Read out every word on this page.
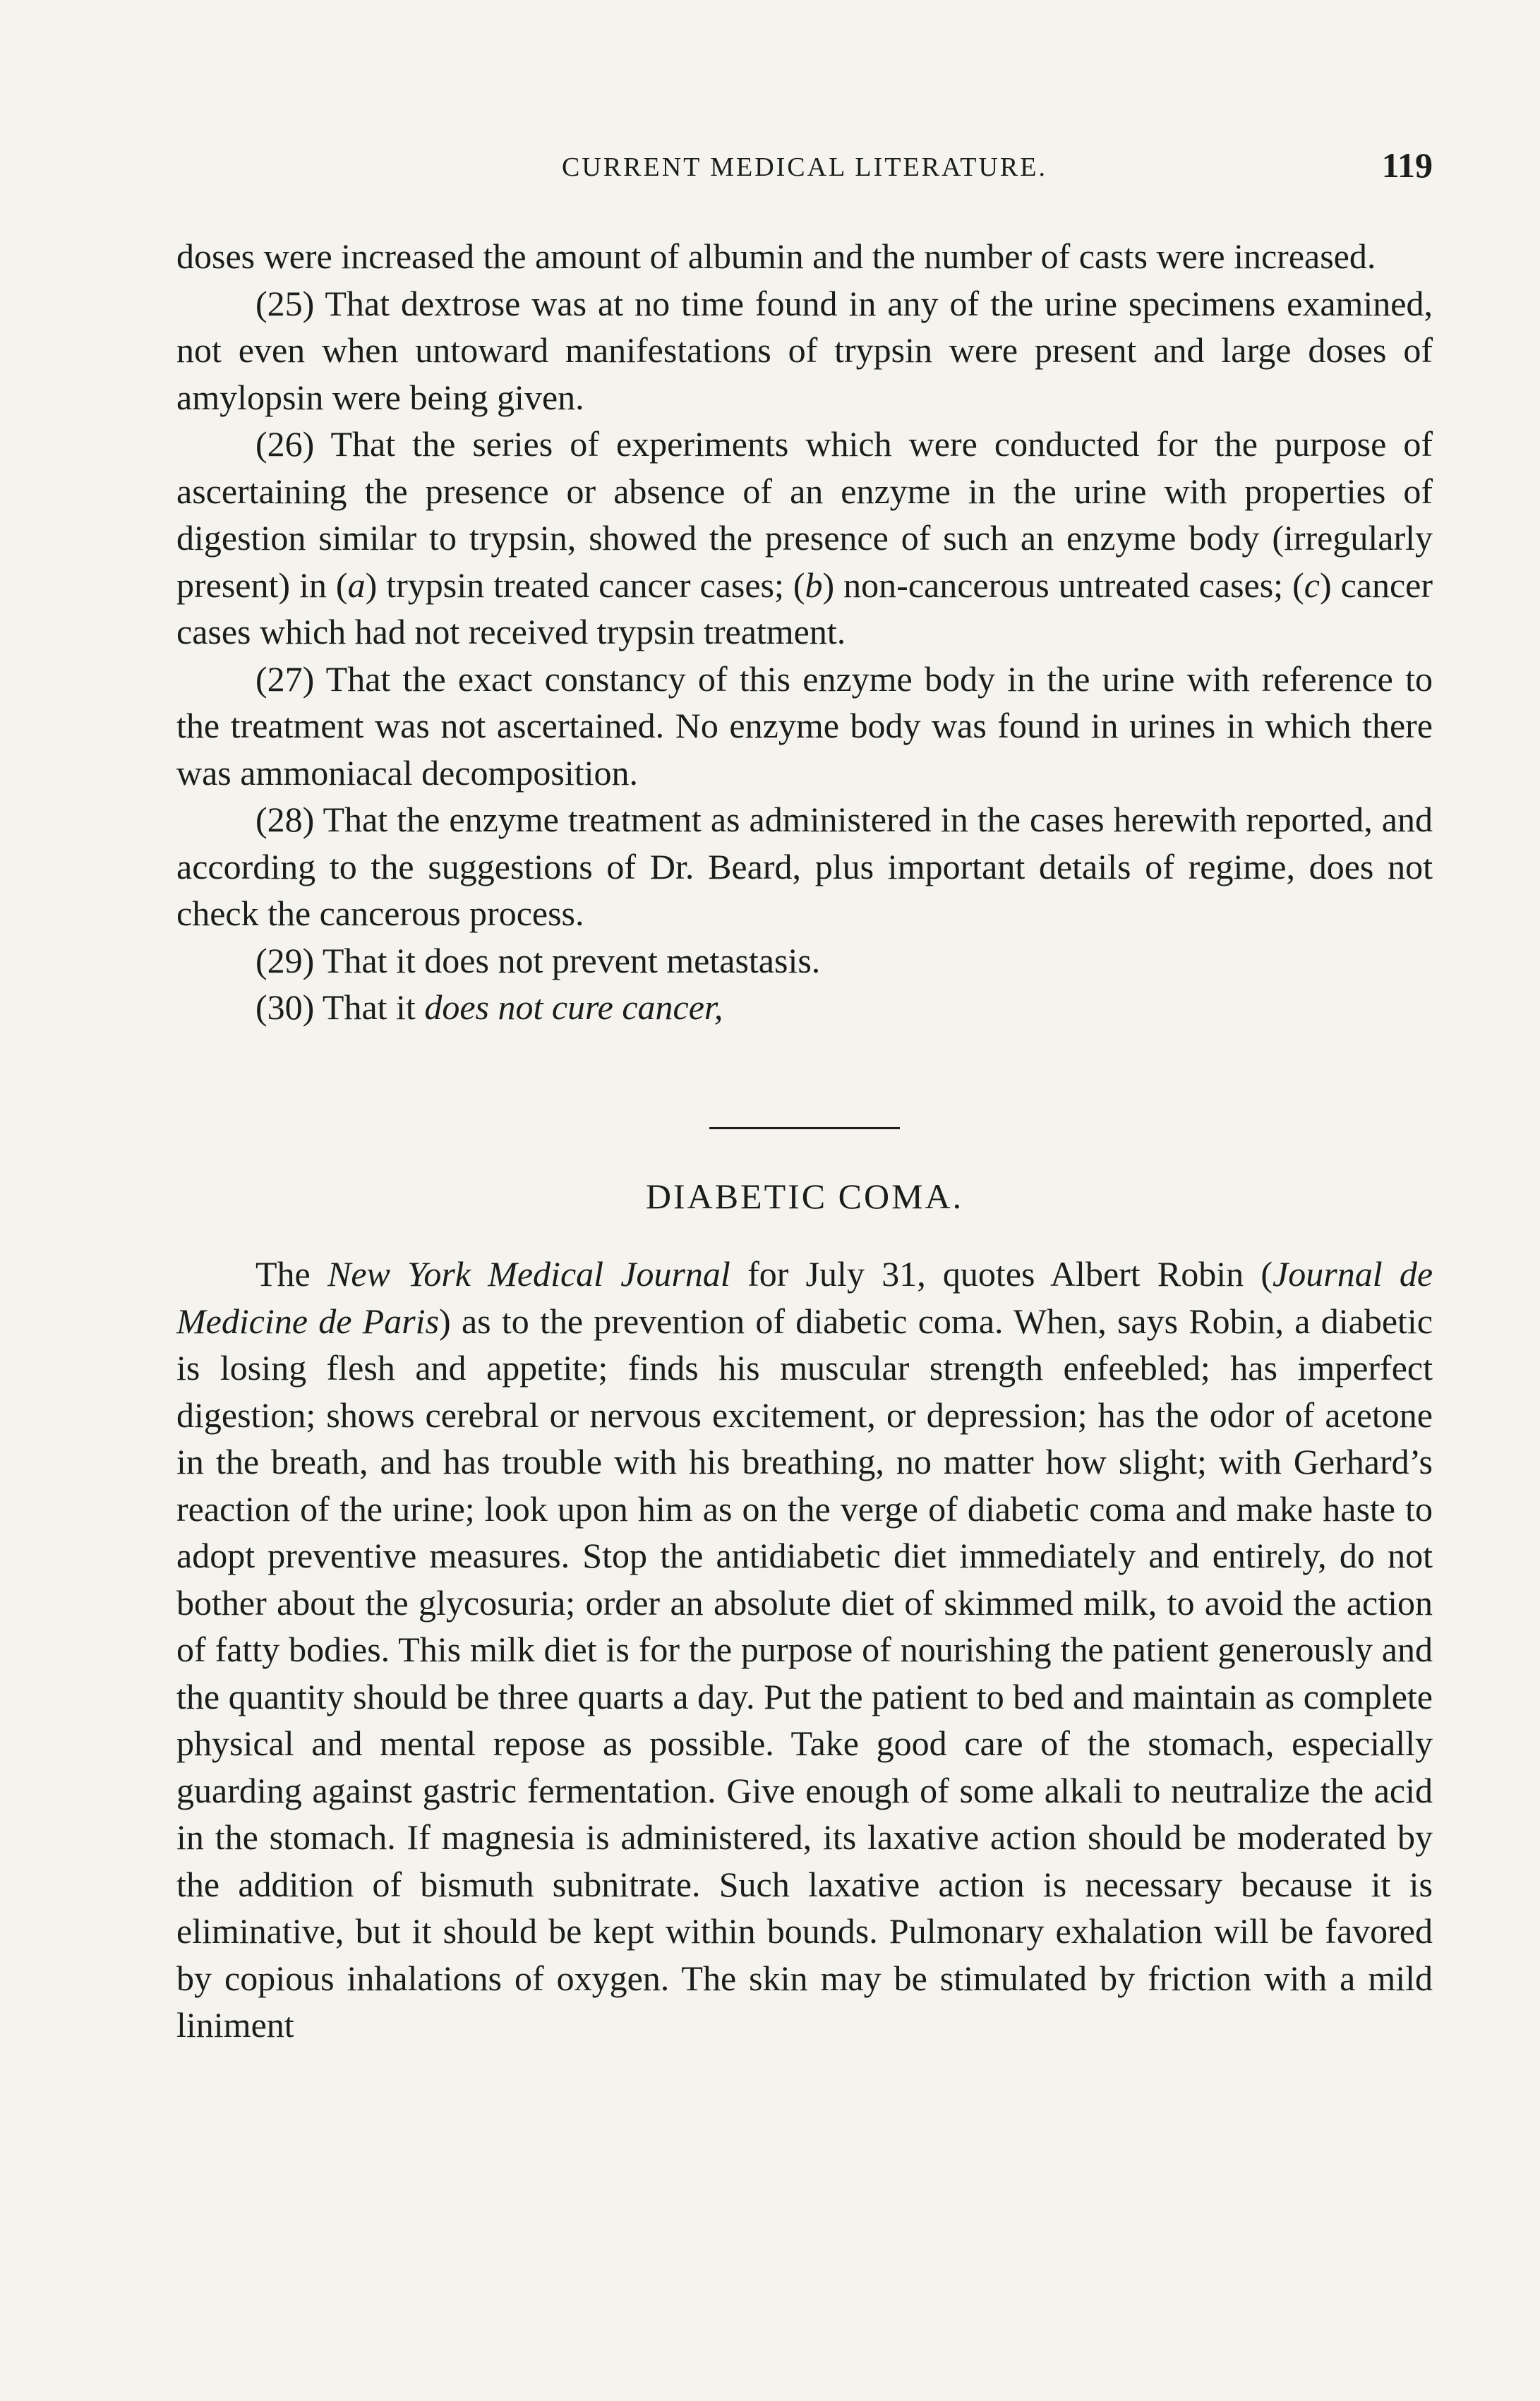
CURRENT MEDICAL LITERATURE.	119

doses were increased the amount of albumin and the number of casts were increased.

(25) That dextrose was at no time found in any of the urine specimens examined, not even when untoward manifestations of trypsin were present and large doses of amylopsin were being given.

(26) That the series of experiments which were conducted for the purpose of ascertaining the presence or absence of an enzyme in the urine with properties of digestion similar to trypsin, showed the presence of such an enzyme body (irregularly present) in (a) trypsin treated cancer cases; (b) non-cancerous untreated cases; (c) cancer cases which had not received trypsin treatment.

(27) That the exact constancy of this enzyme body in the urine with reference to the treatment was not ascertained. No enzyme body was found in urines in which there was ammoniacal decomposition.

(28) That the enzyme treatment as administered in the cases herewith reported, and according to the suggestions of Dr. Beard, plus important details of regime, does not check the cancerous process.

(29) That it does not prevent metastasis.

(30) That it does not cure cancer,

DIABETIC COMA.

The New York Medical Journal for July 31, quotes Albert Robin (Journal de Medicine de Paris) as to the prevention of diabetic coma. When, says Robin, a diabetic is losing flesh and appetite; finds his muscular strength enfeebled; has imperfect digestion; shows cerebral or nervous excitement, or depression; has the odor of acetone in the breath, and has trouble with his breathing, no matter how slight; with Gerhard’s reaction of the urine; look upon him as on the verge of diabetic coma and make haste to adopt preventive measures. Stop the antidiabetic diet immediately and entirely, do not bother about the glycosuria; order an absolute diet of skimmed milk, to avoid the action of fatty bodies. This milk diet is for the purpose of nourishing the patient generously and the quantity should be three quarts a day. Put the patient to bed and maintain as complete physical and mental repose as possible. Take good care of the stomach, especially guarding against gastric fermentation. Give enough of some alkali to neutralize the acid in the stomach. If magnesia is administered, its laxative action should be moderated by the addition of bismuth subnitrate. Such laxative action is necessary because it is eliminative, but it should be kept within bounds. Pulmonary exhalation will be favored by copious inhalations of oxygen. The skin may be stimulated by friction with a mild liniment
